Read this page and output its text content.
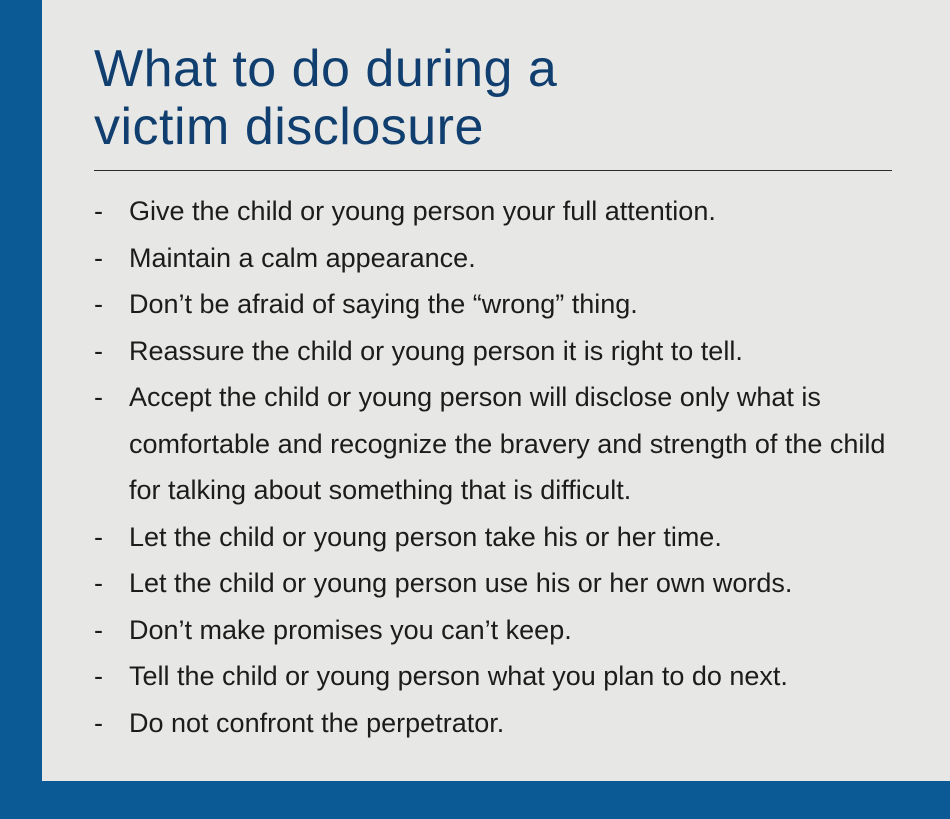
What to do during a
victim disclosure
- Give the child or young person your full attention.
- Maintain a calm appearance.
- Don’t be afraid of saying the “wrong” thing.
- Reassure the child or young person it is right to tell.
- Accept the child or young person will disclose only what is comfortable and recognize the bravery and strength of the child for talking about something that is difficult.
- Let the child or young person take his or her time.
- Let the child or young person use his or her own words.
- Don’t make promises you can’t keep.
- Tell the child or young person what you plan to do next.
- Do not confront the perpetrator.
